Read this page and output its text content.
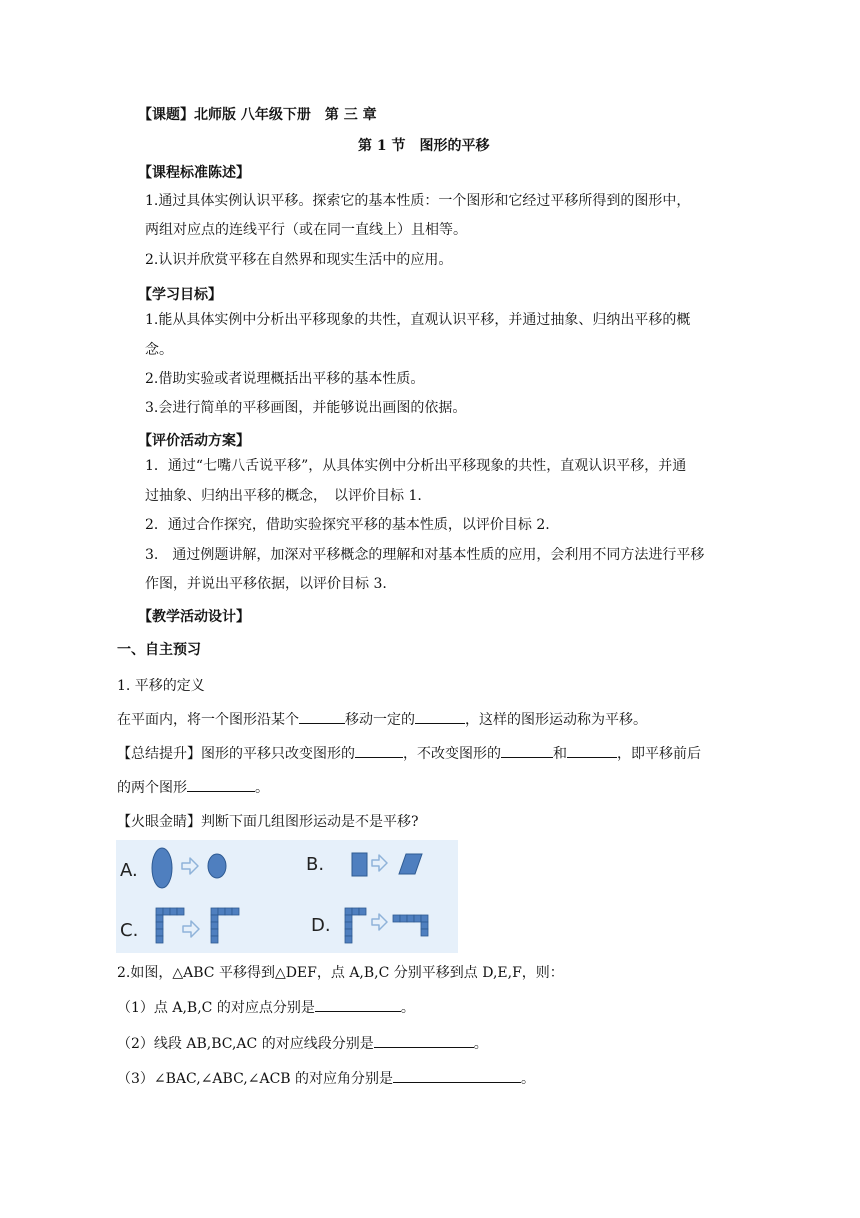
【课题】北师版 八年级下册　第 三 章
第 1 节　图形的平移
【课程标准陈述】
1.通过具体实例认识平移。探索它的基本性质：一个图形和它经过平移所得到的图形中，
两组对应点的连线平行（或在同一直线上）且相等。
2.认识并欣赏平移在自然界和现实生活中的应用。
【学习目标】
1.能从具体实例中分析出平移现象的共性，直观认识平移，并通过抽象、归纳出平移的概
念。
2.借助实验或者说理概括出平移的基本性质。
3.会进行简单的平移画图，并能够说出画图的依据。
【评价活动方案】
1．通过“七嘴八舌说平移”，从具体实例中分析出平移现象的共性，直观认识平移，并通
过抽象、归纳出平移的概念，　以评价目标 1.
2．通过合作探究，借助实验探究平移的基本性质，以评价目标 2.
3.　通过例题讲解，加深对平移概念的理解和对基本性质的应用，会利用不同方法进行平移
作图，并说出平移依据，以评价目标 3.
【教学活动设计】
一、自主预习
1. 平移的定义
在平面内，将一个图形沿某个	移动一定的	，这样的图形运动称为平移。
【总结提升】图形的平移只改变图形的	，不改变图形的	和	，即平移前后
的两个图形	。
【火眼金睛】判断下面几组图形运动是不是平移?
A.	B.
C.	D.
2.如图，△ABC 平移得到△DEF，点 A,B,C 分别平移到点 D,E,F，则：
（1）点 A,B,C 的对应点分别是	。
（2）线段 AB,BC,AC 的对应线段分别是	。
（3）∠BAC,∠ABC,∠ACB 的对应角分别是	。
